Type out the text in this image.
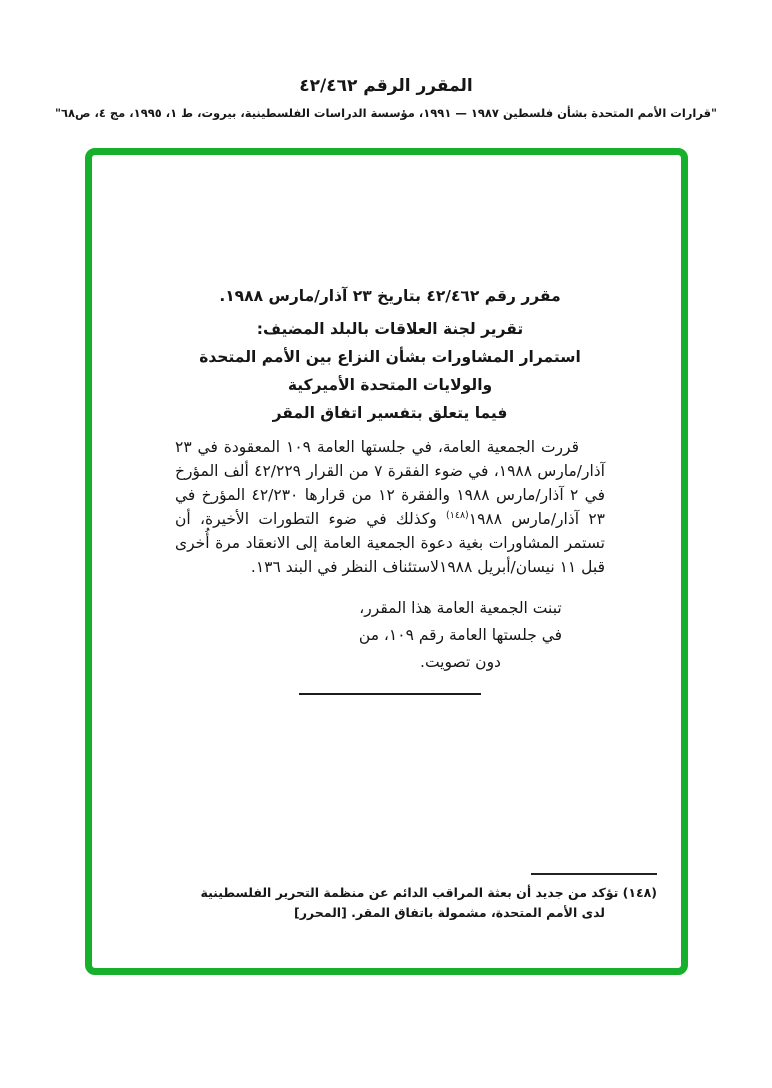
المقرر الرقم ٤٢/٤٦٢
"قرارات الأمم المتحدة بشأن فلسطين ١٩٨٧ — ١٩٩١، مؤسسة الدراسات الفلسطينية، بيروت، ط ١، ١٩٩٥، مج ٤، ص٦٨"
مقرر رقم ٤٢/٤٦٢ بتاريخ ٢٣ آذار/مارس ١٩٨٨.
تقرير لجنة العلاقات بالبلد المضيف:
استمرار المشاورات بشأن النزاع بين الأمم المتحدة
والولايات المتحدة الأميركية
فيما يتعلق بتفسير اتفاق المقر

قررت الجمعية العامة، في جلستها العامة ١٠٩ المعقودة في ٢٣ آذار/مارس ١٩٨٨، في ضوء الفقرة ٧ من القرار ٤٢/٢٢٩ ألف المؤرخ في ٢ آذار/مارس ١٩٨٨ والفقرة ١٢ من قرارها ٤٢/٢٣٠ المؤرخ في ٢٣ آذار/مارس ١٩٨٨$^{(١٤٨)}$ وكذلك في ضوء التطورات الأخيرة، أن تستمر المشاورات بغية دعوة الجمعية العامة إلى الانعقاد مرة أُخرى قبل ١١ نيسان/أبريل ١٩٨٨لاستئناف النظر في البند ١٣٦.

تبنت الجمعية العامة هذا المقرر،
في جلستها العامة رقم ١٠٩، من
دون تصويت.
(١٤٨) تؤكد من جديد أن بعثة المراقب الدائم عن منظمة التحرير الفلسطينية
لدى الأمم المتحدة، مشمولة باتفاق المقر. [المحرر]
